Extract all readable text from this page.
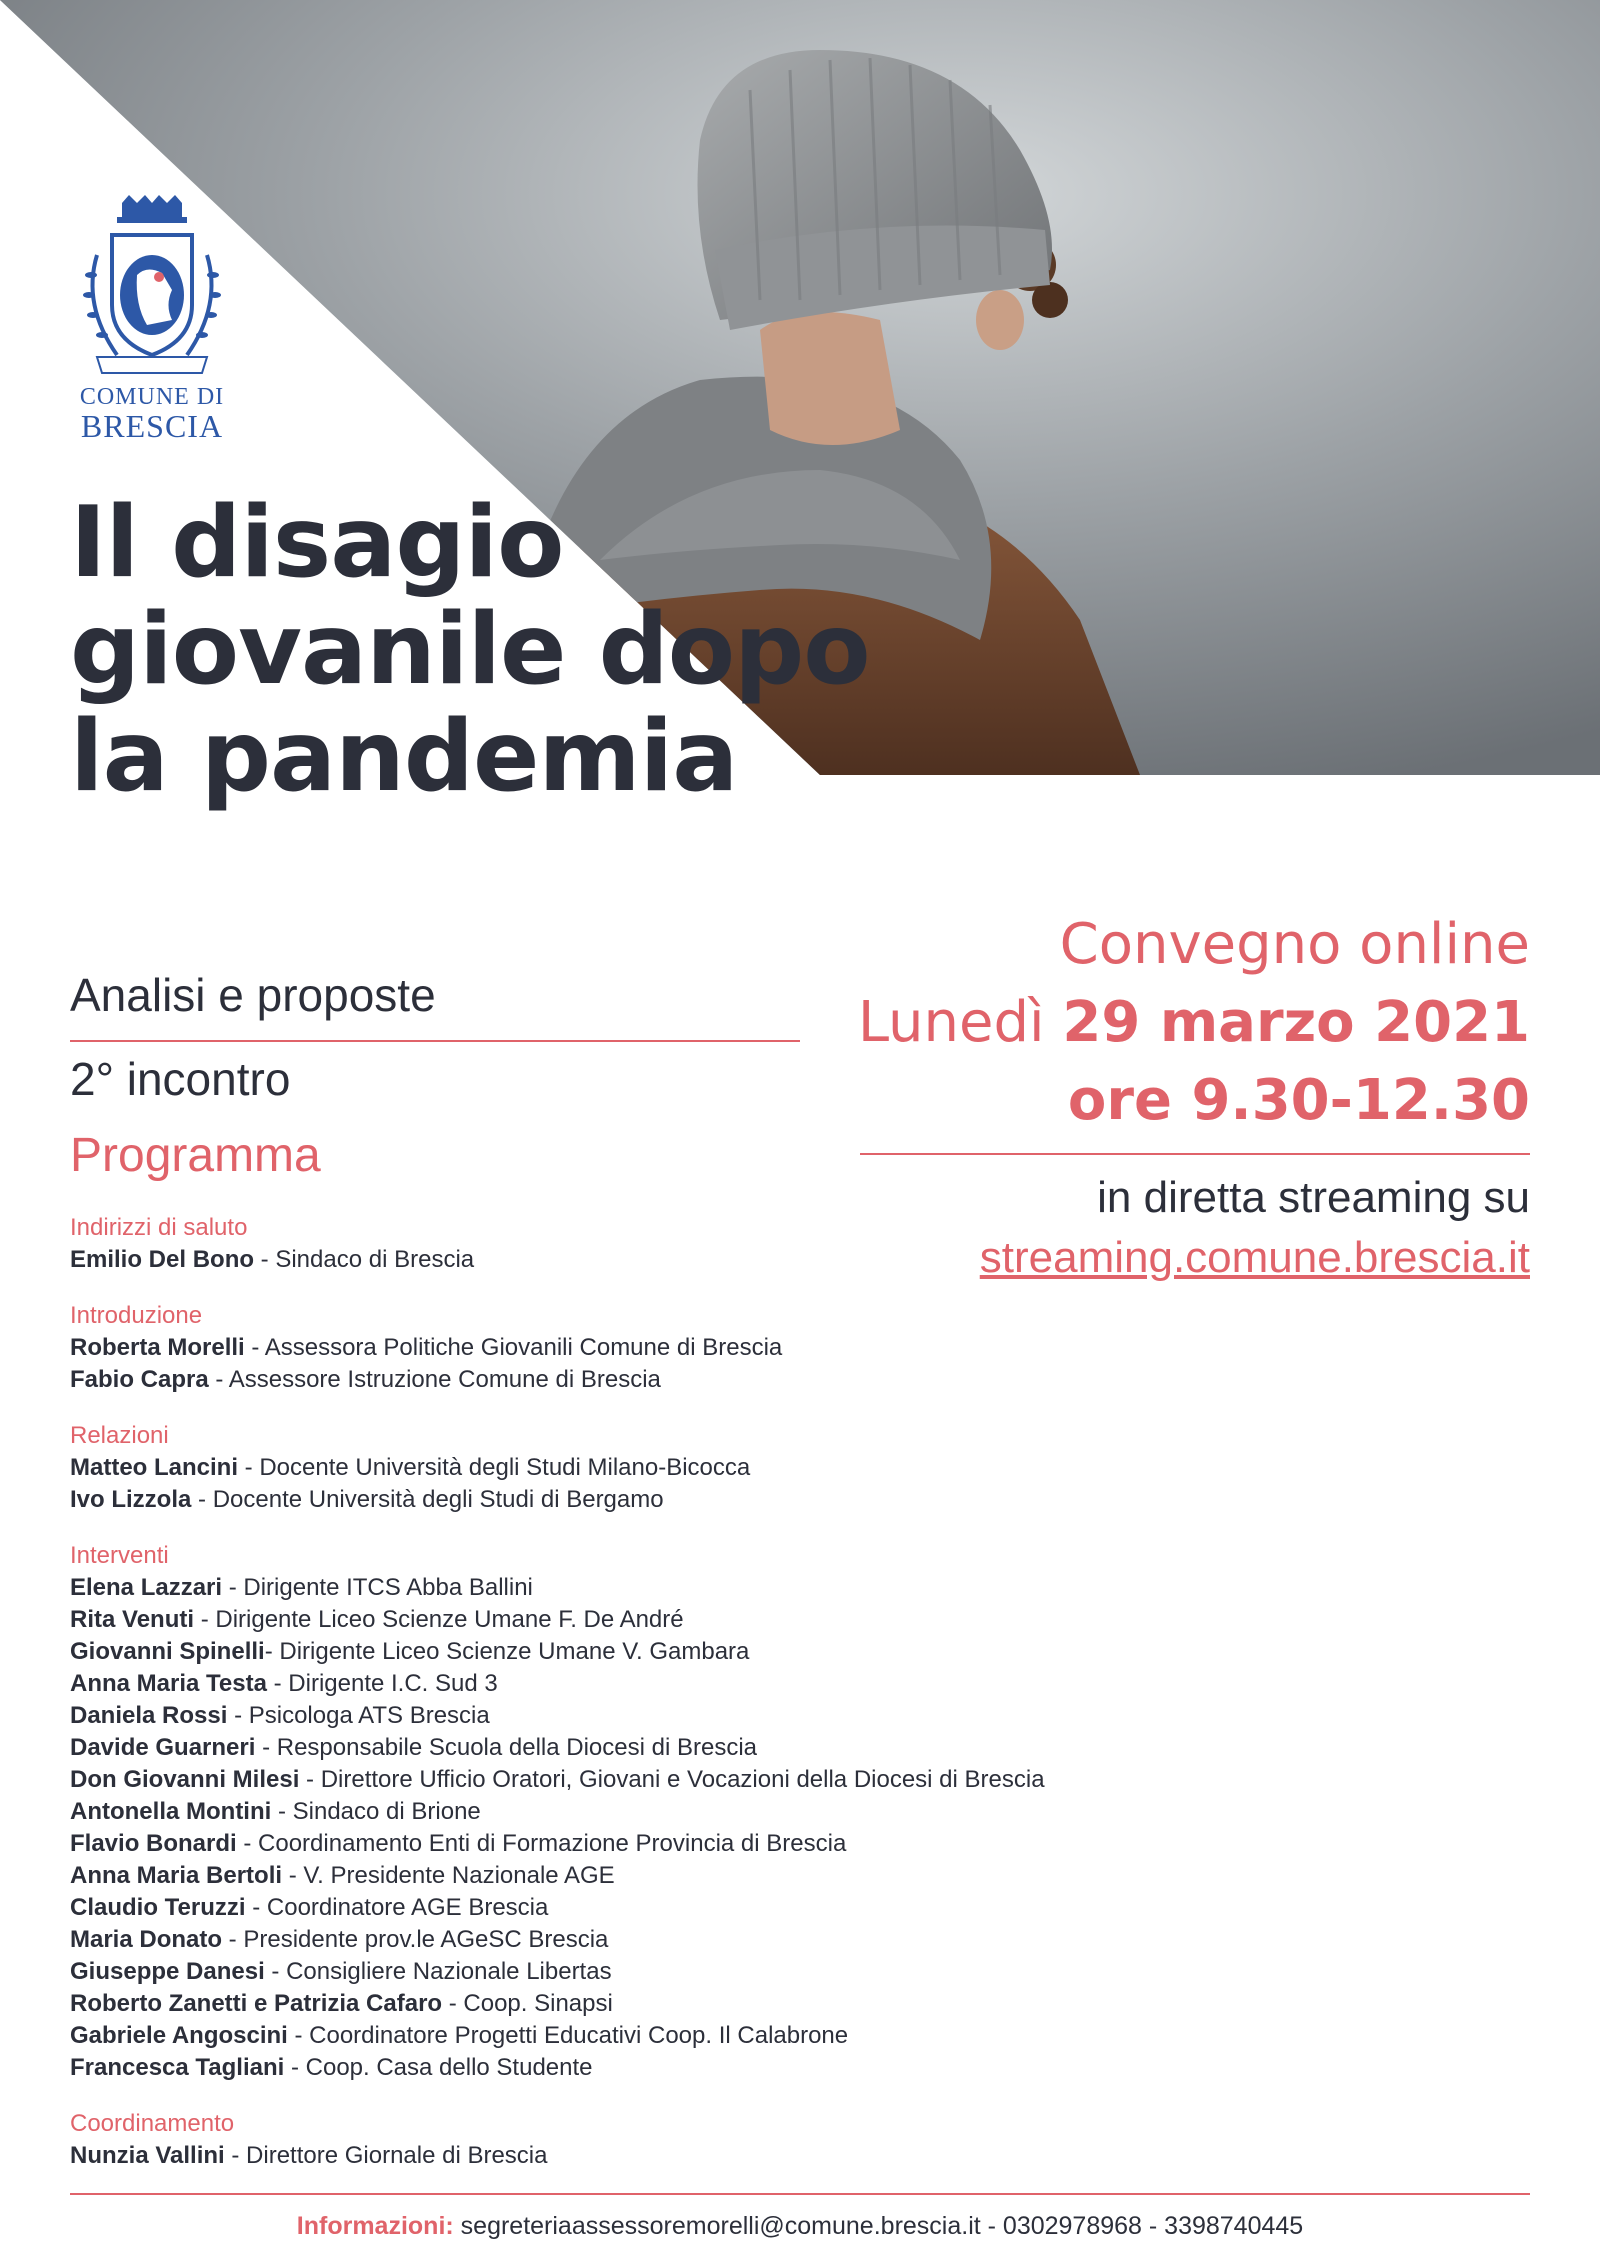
COMUNE DI
BRESCIA
Il disagio
giovanile dopo
la pandemia
Analisi e proposte
2° incontro
Programma
Convegno online
Lunedì 29 marzo 2021
ore 9.30-12.30
in diretta streaming su
streaming.comune.brescia.it
Indirizzi di saluto
Emilio Del Bono - Sindaco di Brescia
Introduzione
Roberta Morelli - Assessora Politiche Giovanili Comune di Brescia
Fabio Capra - Assessore Istruzione Comune di Brescia
Relazioni
Matteo Lancini - Docente Università degli Studi Milano-Bicocca
Ivo Lizzola - Docente Università degli Studi di Bergamo
Interventi
Elena Lazzari - Dirigente ITCS Abba Ballini
Rita Venuti - Dirigente Liceo Scienze Umane F. De André
Giovanni Spinelli- Dirigente Liceo Scienze Umane V. Gambara
Anna Maria Testa - Dirigente I.C. Sud 3
Daniela Rossi - Psicologa ATS Brescia
Davide Guarneri - Responsabile Scuola della Diocesi di Brescia
Don Giovanni Milesi - Direttore Ufficio Oratori, Giovani e Vocazioni della Diocesi di Brescia
Antonella Montini - Sindaco di Brione
Flavio Bonardi - Coordinamento Enti di Formazione Provincia di Brescia
Anna Maria Bertoli - V. Presidente Nazionale AGE
Claudio Teruzzi - Coordinatore AGE Brescia
Maria Donato - Presidente prov.le AGeSC Brescia
Giuseppe Danesi - Consigliere Nazionale Libertas
Roberto Zanetti e Patrizia Cafaro - Coop. Sinapsi
Gabriele Angoscini - Coordinatore Progetti Educativi Coop. Il Calabrone
Francesca Tagliani - Coop. Casa dello Studente
Coordinamento
Nunzia Vallini - Direttore Giornale di Brescia
Informazioni: segreteriaassessoremorelli@comune.brescia.it - 0302978968 - 3398740445
